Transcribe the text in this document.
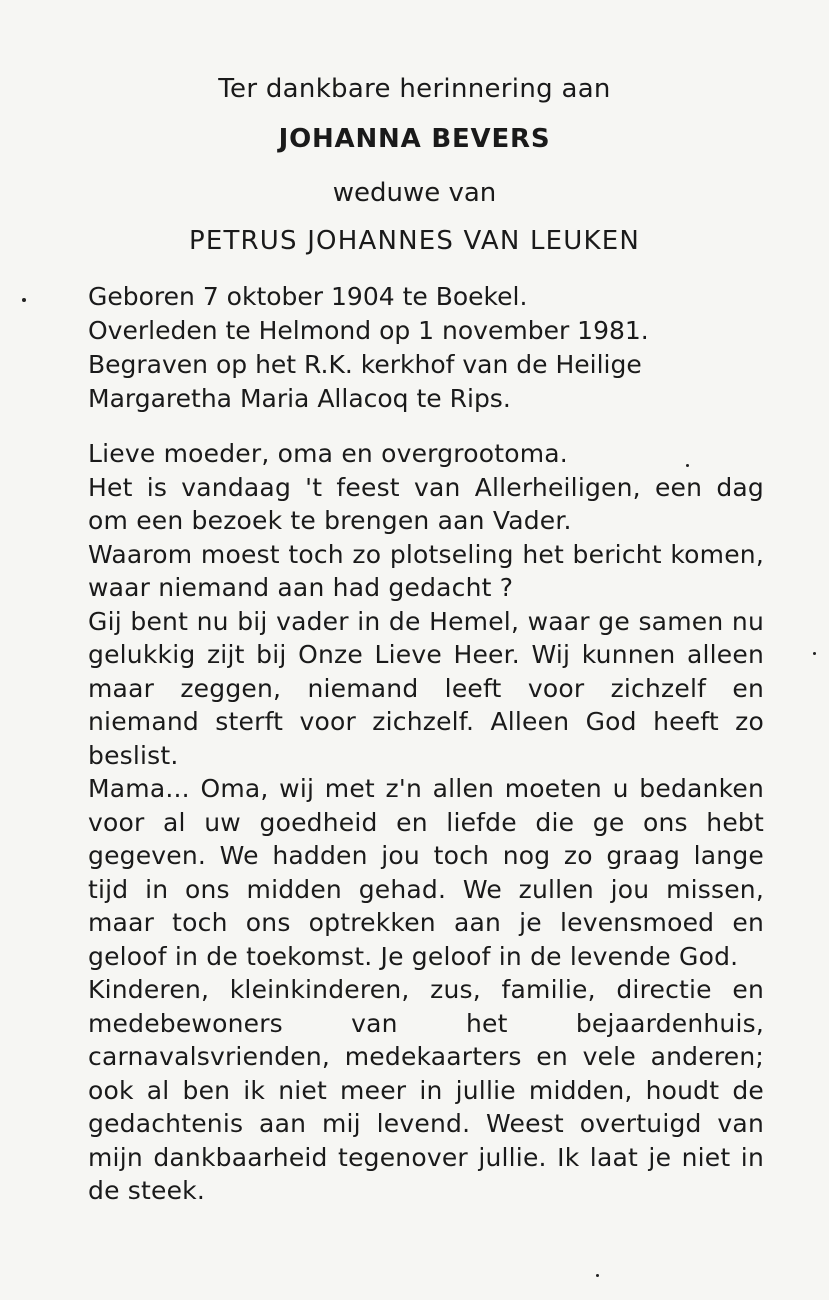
Ter dankbare herinnering aan
JOHANNA BEVERS
weduwe van
PETRUS JOHANNES VAN LEUKEN

Geboren 7 oktober 1904 te Boekel.

Overleden te Helmond op 1 november 1981.

Begraven op het R.K. kerkhof van de Heilige

Margaretha Maria Allacoq te Rips.

Lieve moeder, oma en overgrootoma.

Het is vandaag 't feest van Allerheiligen, een dag om een bezoek te brengen aan Vader.

Waarom moest toch zo plotseling het bericht komen, waar niemand aan had gedacht ?

Gij bent nu bij vader in de Hemel, waar ge samen nu gelukkig zijt bij Onze Lieve Heer. Wij kunnen alleen maar zeggen, niemand leeft voor zichzelf en niemand sterft voor zichzelf. Alleen God heeft zo beslist.

Mama... Oma, wij met z'n allen moeten u bedanken voor al uw goedheid en liefde die ge ons hebt gegeven. We hadden jou toch nog zo graag lange tijd in ons midden gehad. We zullen jou missen, maar toch ons optrekken aan je levensmoed en geloof in de toekomst. Je geloof in de levende God.

Kinderen, kleinkinderen, zus, familie, directie en medebewoners van het bejaardenhuis, carnavalsvrienden, medekaarters en vele anderen; ook al ben ik niet meer in jullie midden, houdt de gedachtenis aan mij levend. Weest overtuigd van mijn dankbaarheid tegenover jullie. Ik laat je niet in de steek.
